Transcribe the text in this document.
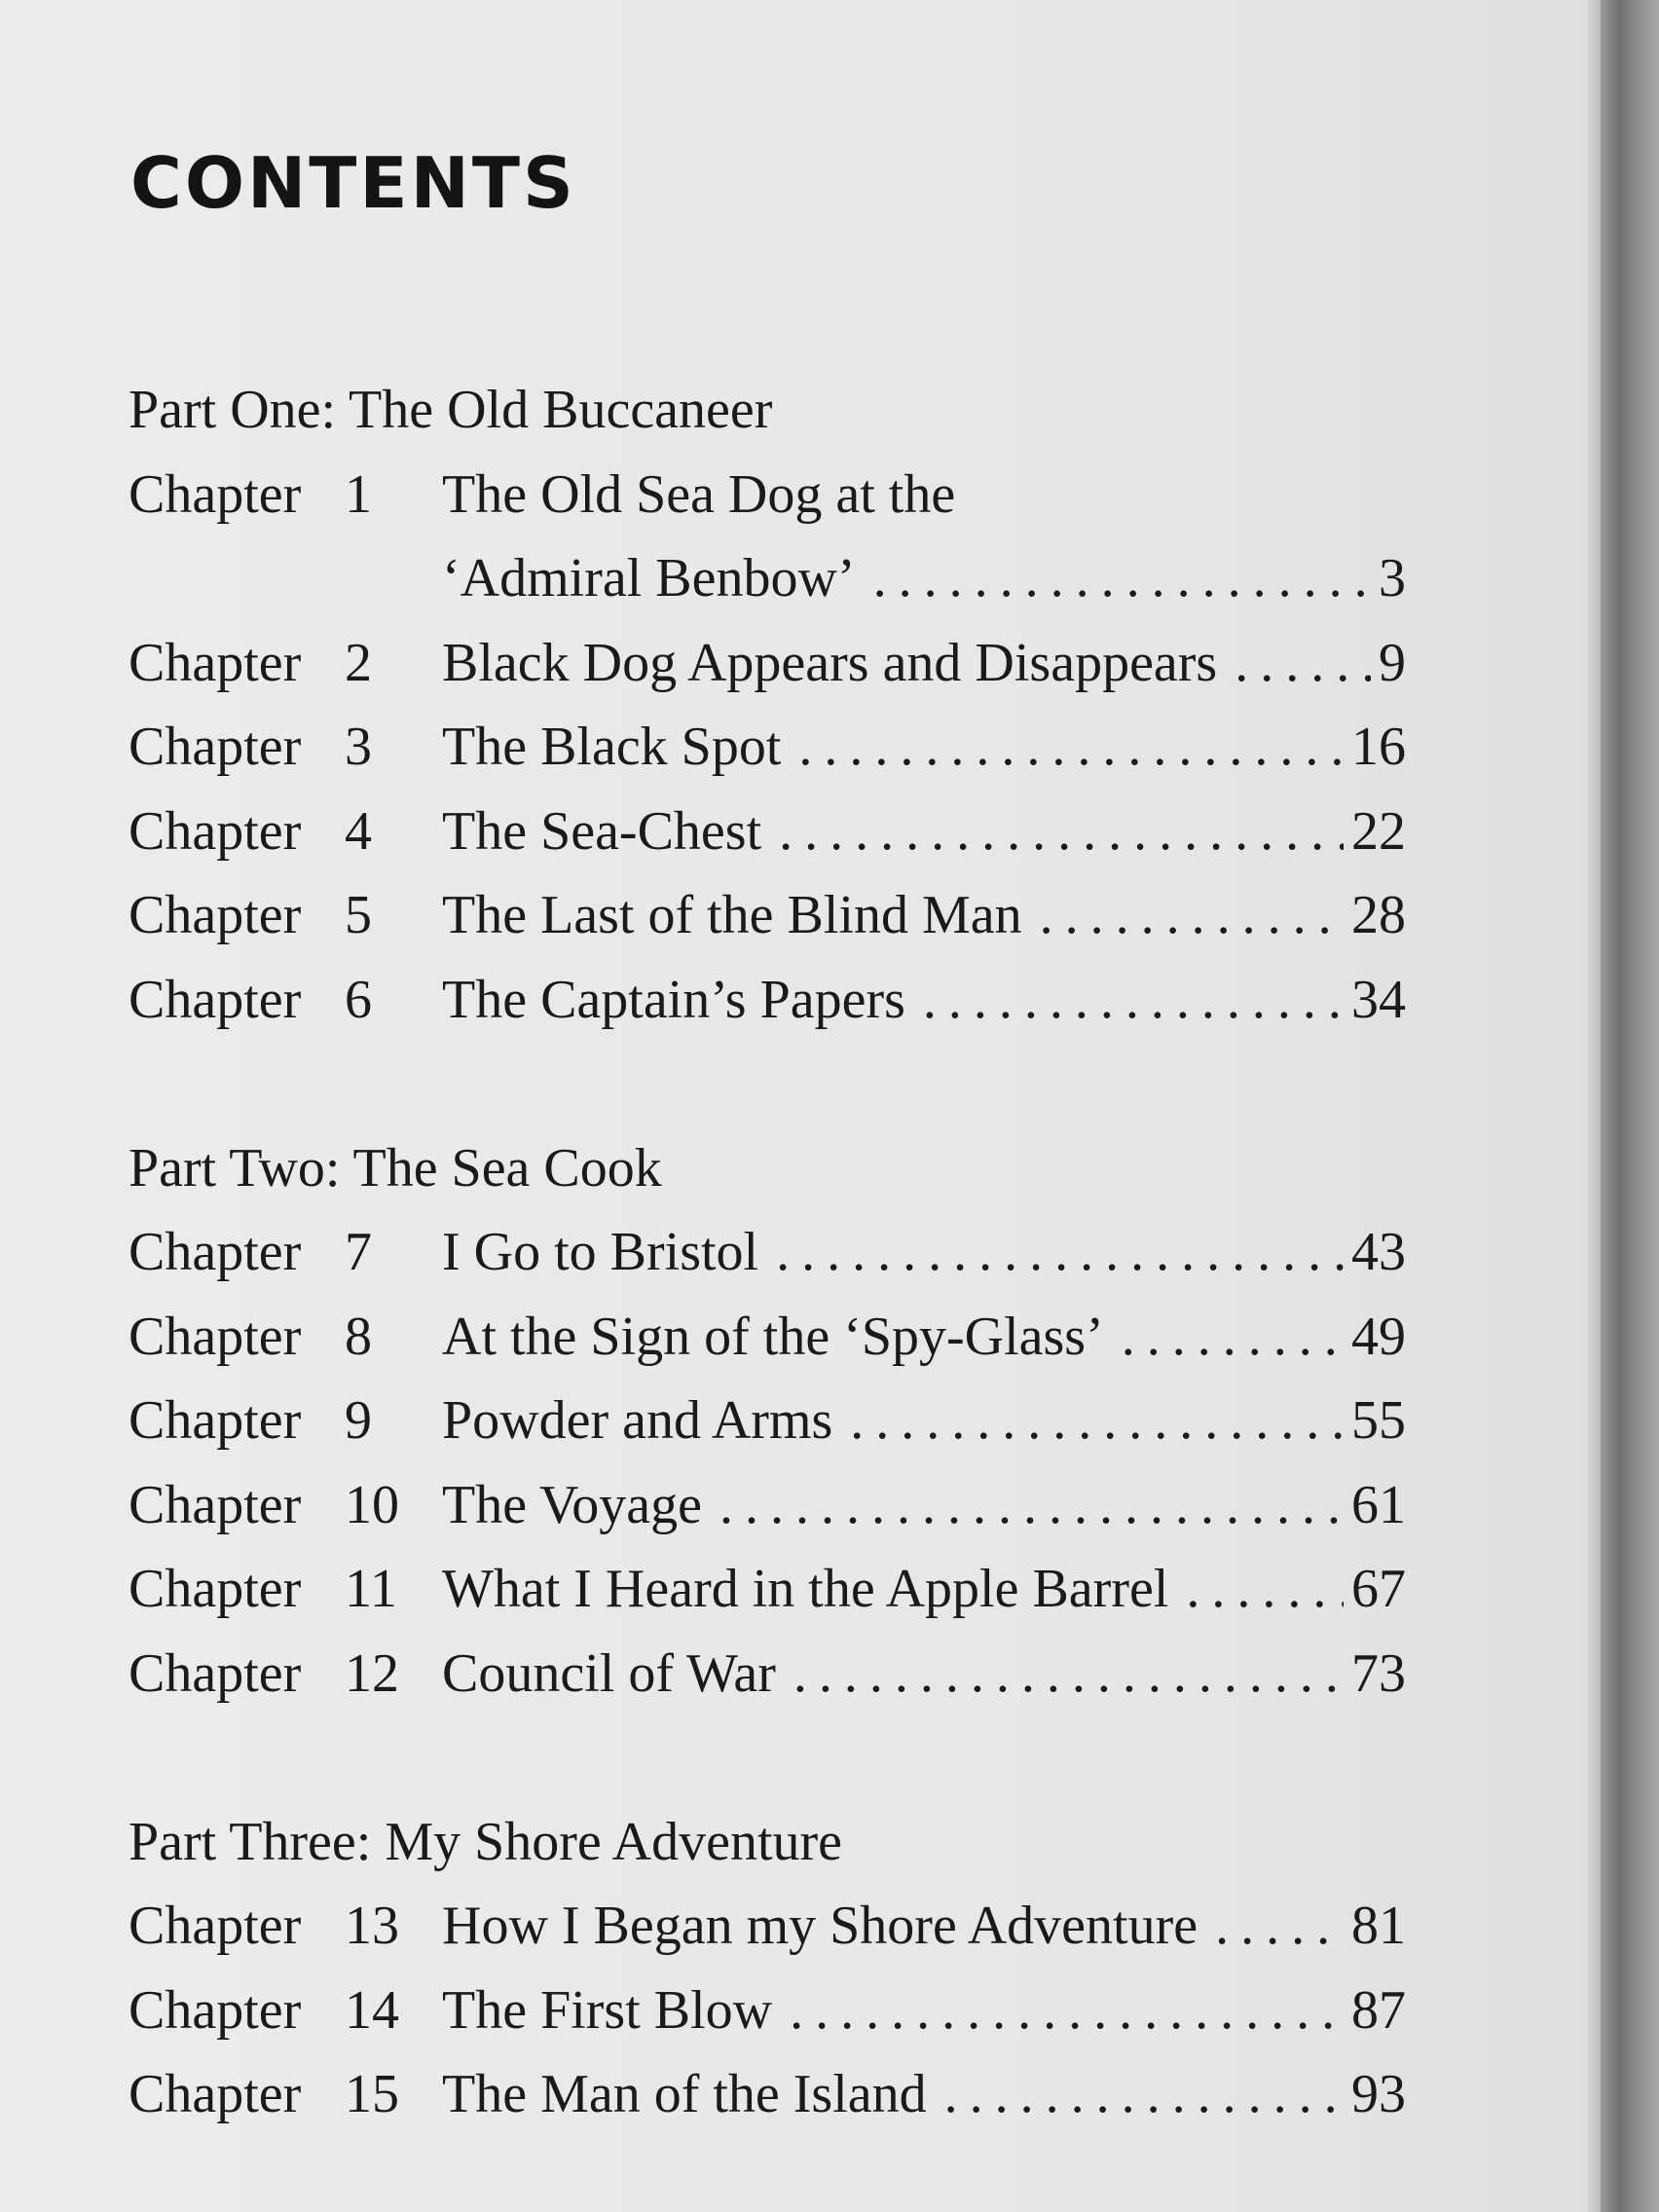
CONTENTS
Part One: The Old Buccaneer
Chapter 1	The Old Sea Dog at the
‘Admiral Benbow’ . . .	3
Chapter 2	Black Dog Appears and Disappears . . .	9
Chapter 3	The Black Spot . . .	16
Chapter 4	The Sea-Chest . . .	22
Chapter 5	The Last of the Blind Man . . .	28
Chapter 6	The Captain’s Papers . . .	34
Part Two: The Sea Cook
Chapter 7	I Go to Bristol . . .	43
Chapter 8	At the Sign of the ‘Spy-Glass’ . . .	49
Chapter 9	Powder and Arms . . .	55
Chapter 10 The Voyage . . .	61
Chapter 11 What I Heard in the Apple Barrel . . .	67
Chapter 12 Council of War . . .	73
Part Three: My Shore Adventure
Chapter 13 How I Began my Shore Adventure . . .	81
Chapter 14 The First Blow . . .	87
Chapter 15 The Man of the Island . . .	93
